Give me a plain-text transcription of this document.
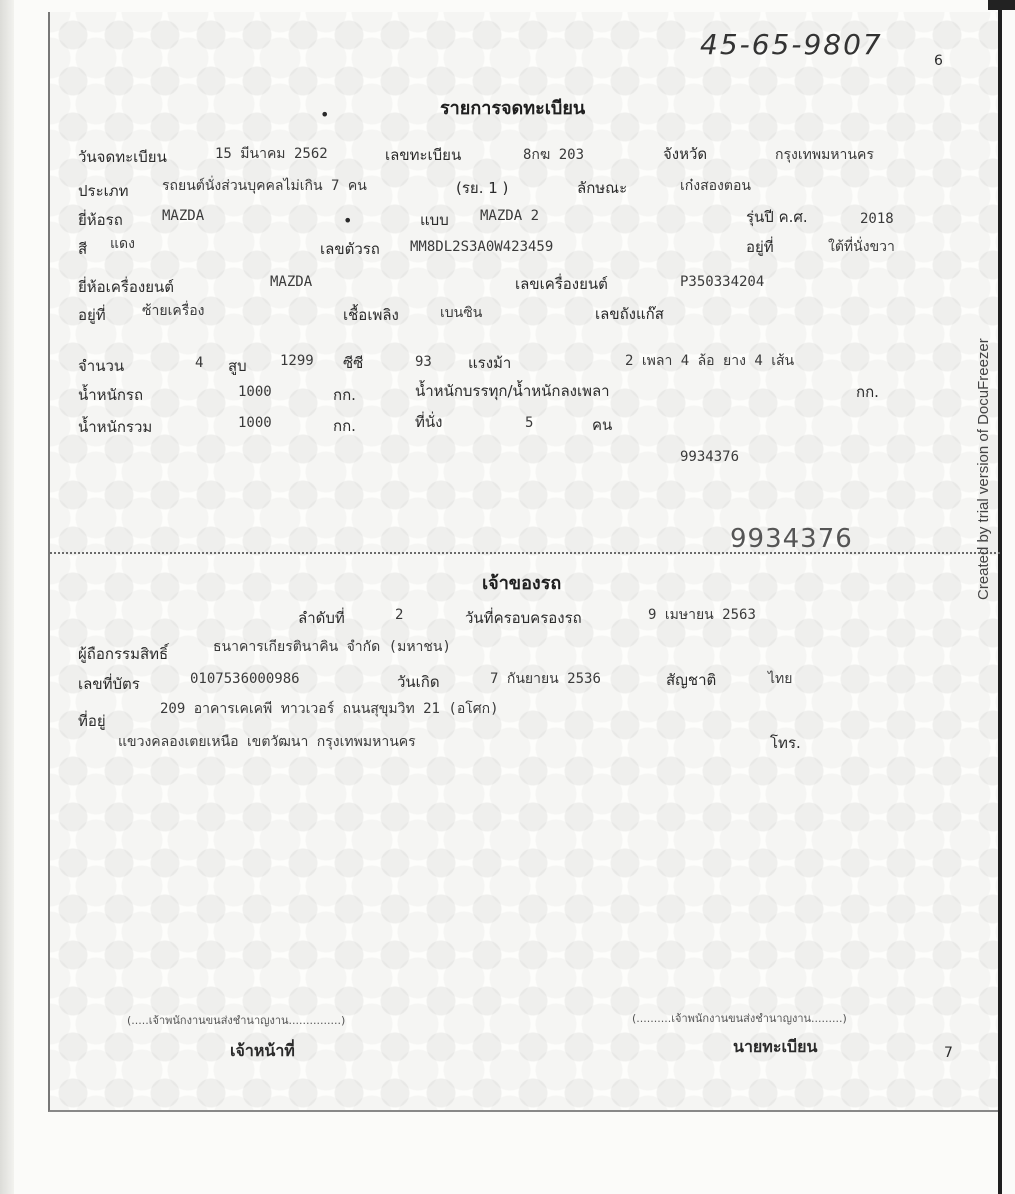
45-65-9807	6
รายการจดทะเบียน
•
วันจดทะเบียน	15 มีนาคม 2562	เลขทะเบียน	8กฆ 203	จังหวัด	กรุงเทพมหานคร
ประเภท รถยนต์นั่งส่วนบุคคลไม่เกิน 7 คน	(รย. 1 )	ลักษณะ	เก๋งสองตอน
ยี่ห้อรถ	MAZDA	•	แบบ MAZDA 2	รุ่นปี ค.ศ.	2018
สี แดง	เลขตัวรถ MM8DL2S3A0W423459	อยู่ที่	ใต้ที่นั่งขวา
ยี่ห้อเครื่องยนต์	MAZDA	เลขเครื่องยนต์	P350334204
อยู่ที่	ซ้ายเครื่อง	เชื้อเพลิง	เบนซิน	เลขถังแก๊ส
จำนวน	4 สูบ 1299 ซีซี	93 แรงม้า	2 เพลา 4 ล้อ ยาง 4 เส้น
น้ำหนักรถ	1000	กก.	น้ำหนักบรรทุก/น้ำหนักลงเพลา	กก.
น้ำหนักรวม	1000	กก.	ที่นั่ง	5	คน
9934376
9934376
เจ้าของรถ
ลำดับที่	2	วันที่ครอบครองรถ	9 เมษายน 2563
ผู้ถือกรรมสิทธิ์	ธนาคารเกียรตินาคิน จำกัด (มหาชน)
เลขที่บัตร	0107536000986	วันเกิด	7 กันยายน 2536	สัญชาติ	ไทย
ที่อยู่
209 อาคารเคเคพี ทาวเวอร์ ถนนสุขุมวิท 21 (อโศก)
แขวงคลองเตยเหนือ เขตวัฒนา กรุงเทพมหานคร	โทร.
(.....เจ้าพนักงานขนส่งชำนาญงาน...............)
เจ้าหน้าที่
(..........เจ้าพนักงานขนส่งชำนาญงาน.........)
นายทะเบียน	7
Created by trial version of DocuFreezer
